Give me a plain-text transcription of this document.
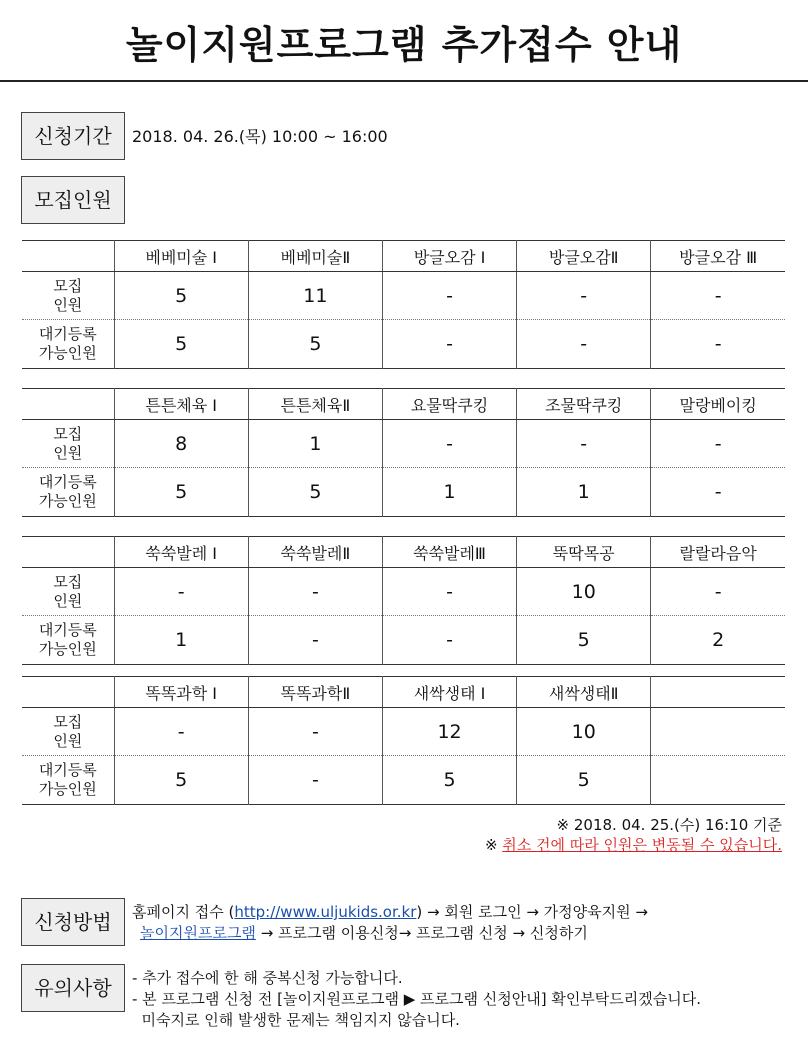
놀이지원프로그램 추가접수 안내
신청기간	2018. 04. 26.(목) 10:00 ~ 16:00
모집인원
	베베미술 I	베베미술Ⅱ	방글오감 I	방글오감Ⅱ	방글오감 Ⅲ

모집
인원	5	11	-	-	-

대기등록
가능인원	5	5	-	-	-
	튼튼체육 I	튼튼체육Ⅱ	요물딱쿠킹	조물딱쿠킹	말랑베이킹

모집
인원	8	1	-	-	-

대기등록
가능인원	5	5	1	1	-
	쑥쑥발레 I	쑥쑥발레Ⅱ	쑥쑥발레Ⅲ	뚝딱목공	랄랄라음악

모집
인원	-	-	-	10	-

대기등록
가능인원	1	-	-	5	2
	똑똑과학 I	똑똑과학Ⅱ	새싹생태 I	새싹생태Ⅱ	

모집
인원	-	-	12	10	

대기등록
가능인원	5	-	5	5	
※ 2018. 04. 25.(수) 16:10 기준
※ 취소 건에 따라 인원은 변동될 수 있습니다.
신청방법	홈페이지 접수 (http://www.uljukids.or.kr) → 회원 로그인 → 가정양육지원 →
놀이지원프로그램 → 프로그램 이용신청→ 프로그램 신청 → 신청하기
유의사항	- 추가 접수에 한 해 중복신청 가능합니다.
- 본 프로그램 신청 전 [놀이지원프로그램 ▶ 프로그램 신청안내] 확인부탁드리겠습니다.
미숙지로 인해 발생한 문제는 책임지지 않습니다.
